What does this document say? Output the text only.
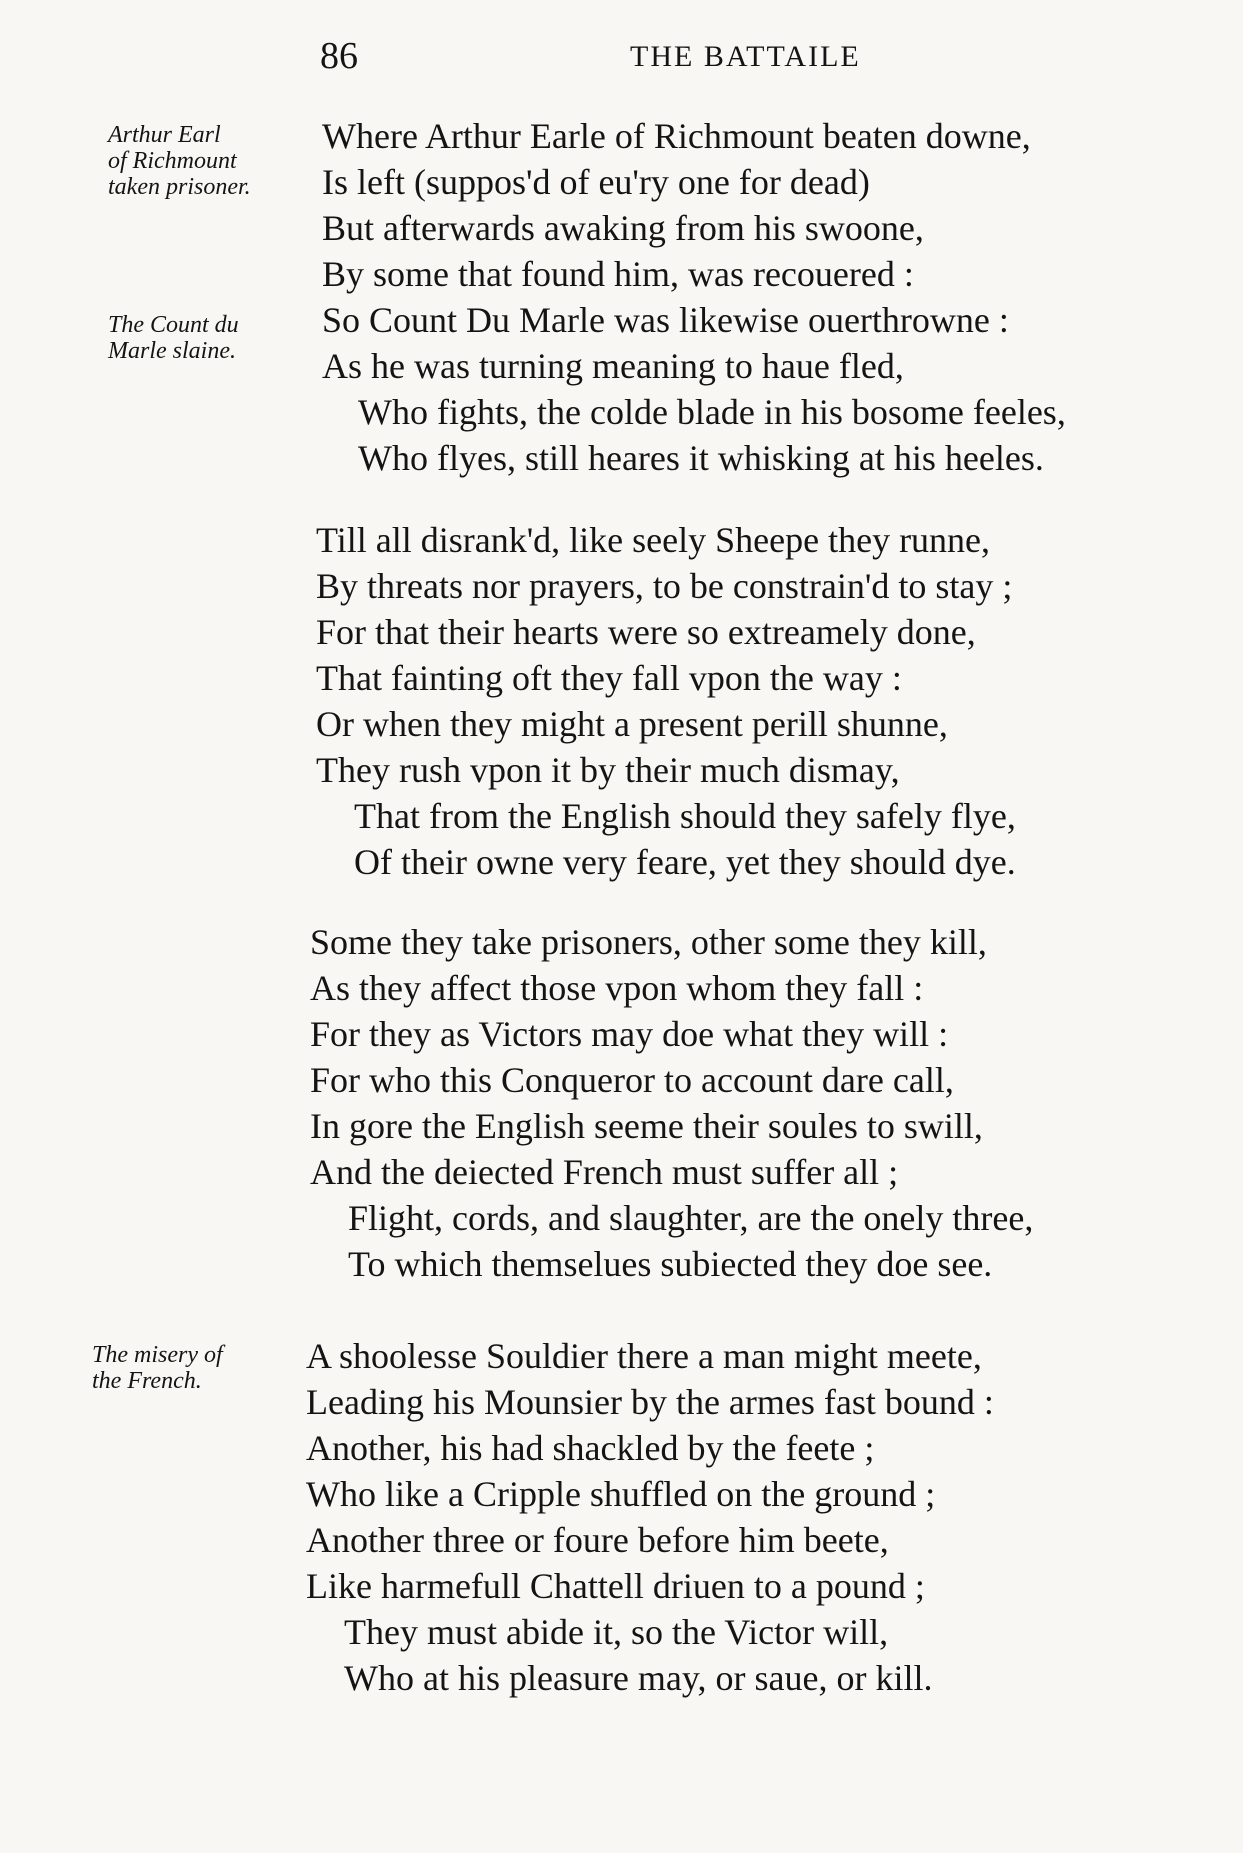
86	THE BATTAILE
Arthur Earl
of Richmount
taken prisoner.
The Count du
Marle slaine.
The misery of
the French.
Where Arthur Earle of Richmount beaten downe,
Is left (suppos'd of eu'ry one for dead)
But afterwards awaking from his swoone,
By some that found him, was recouered :
So Count Du Marle was likewise ouerthrowne :
As he was turning meaning to haue fled,
Who fights, the colde blade in his bosome feeles,
Who flyes, still heares it whisking at his heeles.
Till all disrank'd, like seely Sheepe they runne,
By threats nor prayers, to be constrain'd to stay ;
For that their hearts were so extreamely done,
That fainting oft they fall vpon the way :
Or when they might a present perill shunne,
They rush vpon it by their much dismay,
That from the English should they safely flye,
Of their owne very feare, yet they should dye.
Some they take prisoners, other some they kill,
As they affect those vpon whom they fall :
For they as Victors may doe what they will :
For who this Conqueror to account dare call,
In gore the English seeme their soules to swill,
And the deiected French must suffer all ;
Flight, cords, and slaughter, are the onely three,
To which themselues subiected they doe see.
A shoolesse Souldier there a man might meete,
Leading his Mounsier by the armes fast bound :
Another, his had shackled by the feete ;
Who like a Cripple shuffled on the ground ;
Another three or foure before him beete,
Like harmefull Chattell driuen to a pound ;
They must abide it, so the Victor will,
Who at his pleasure may, or saue, or kill.
